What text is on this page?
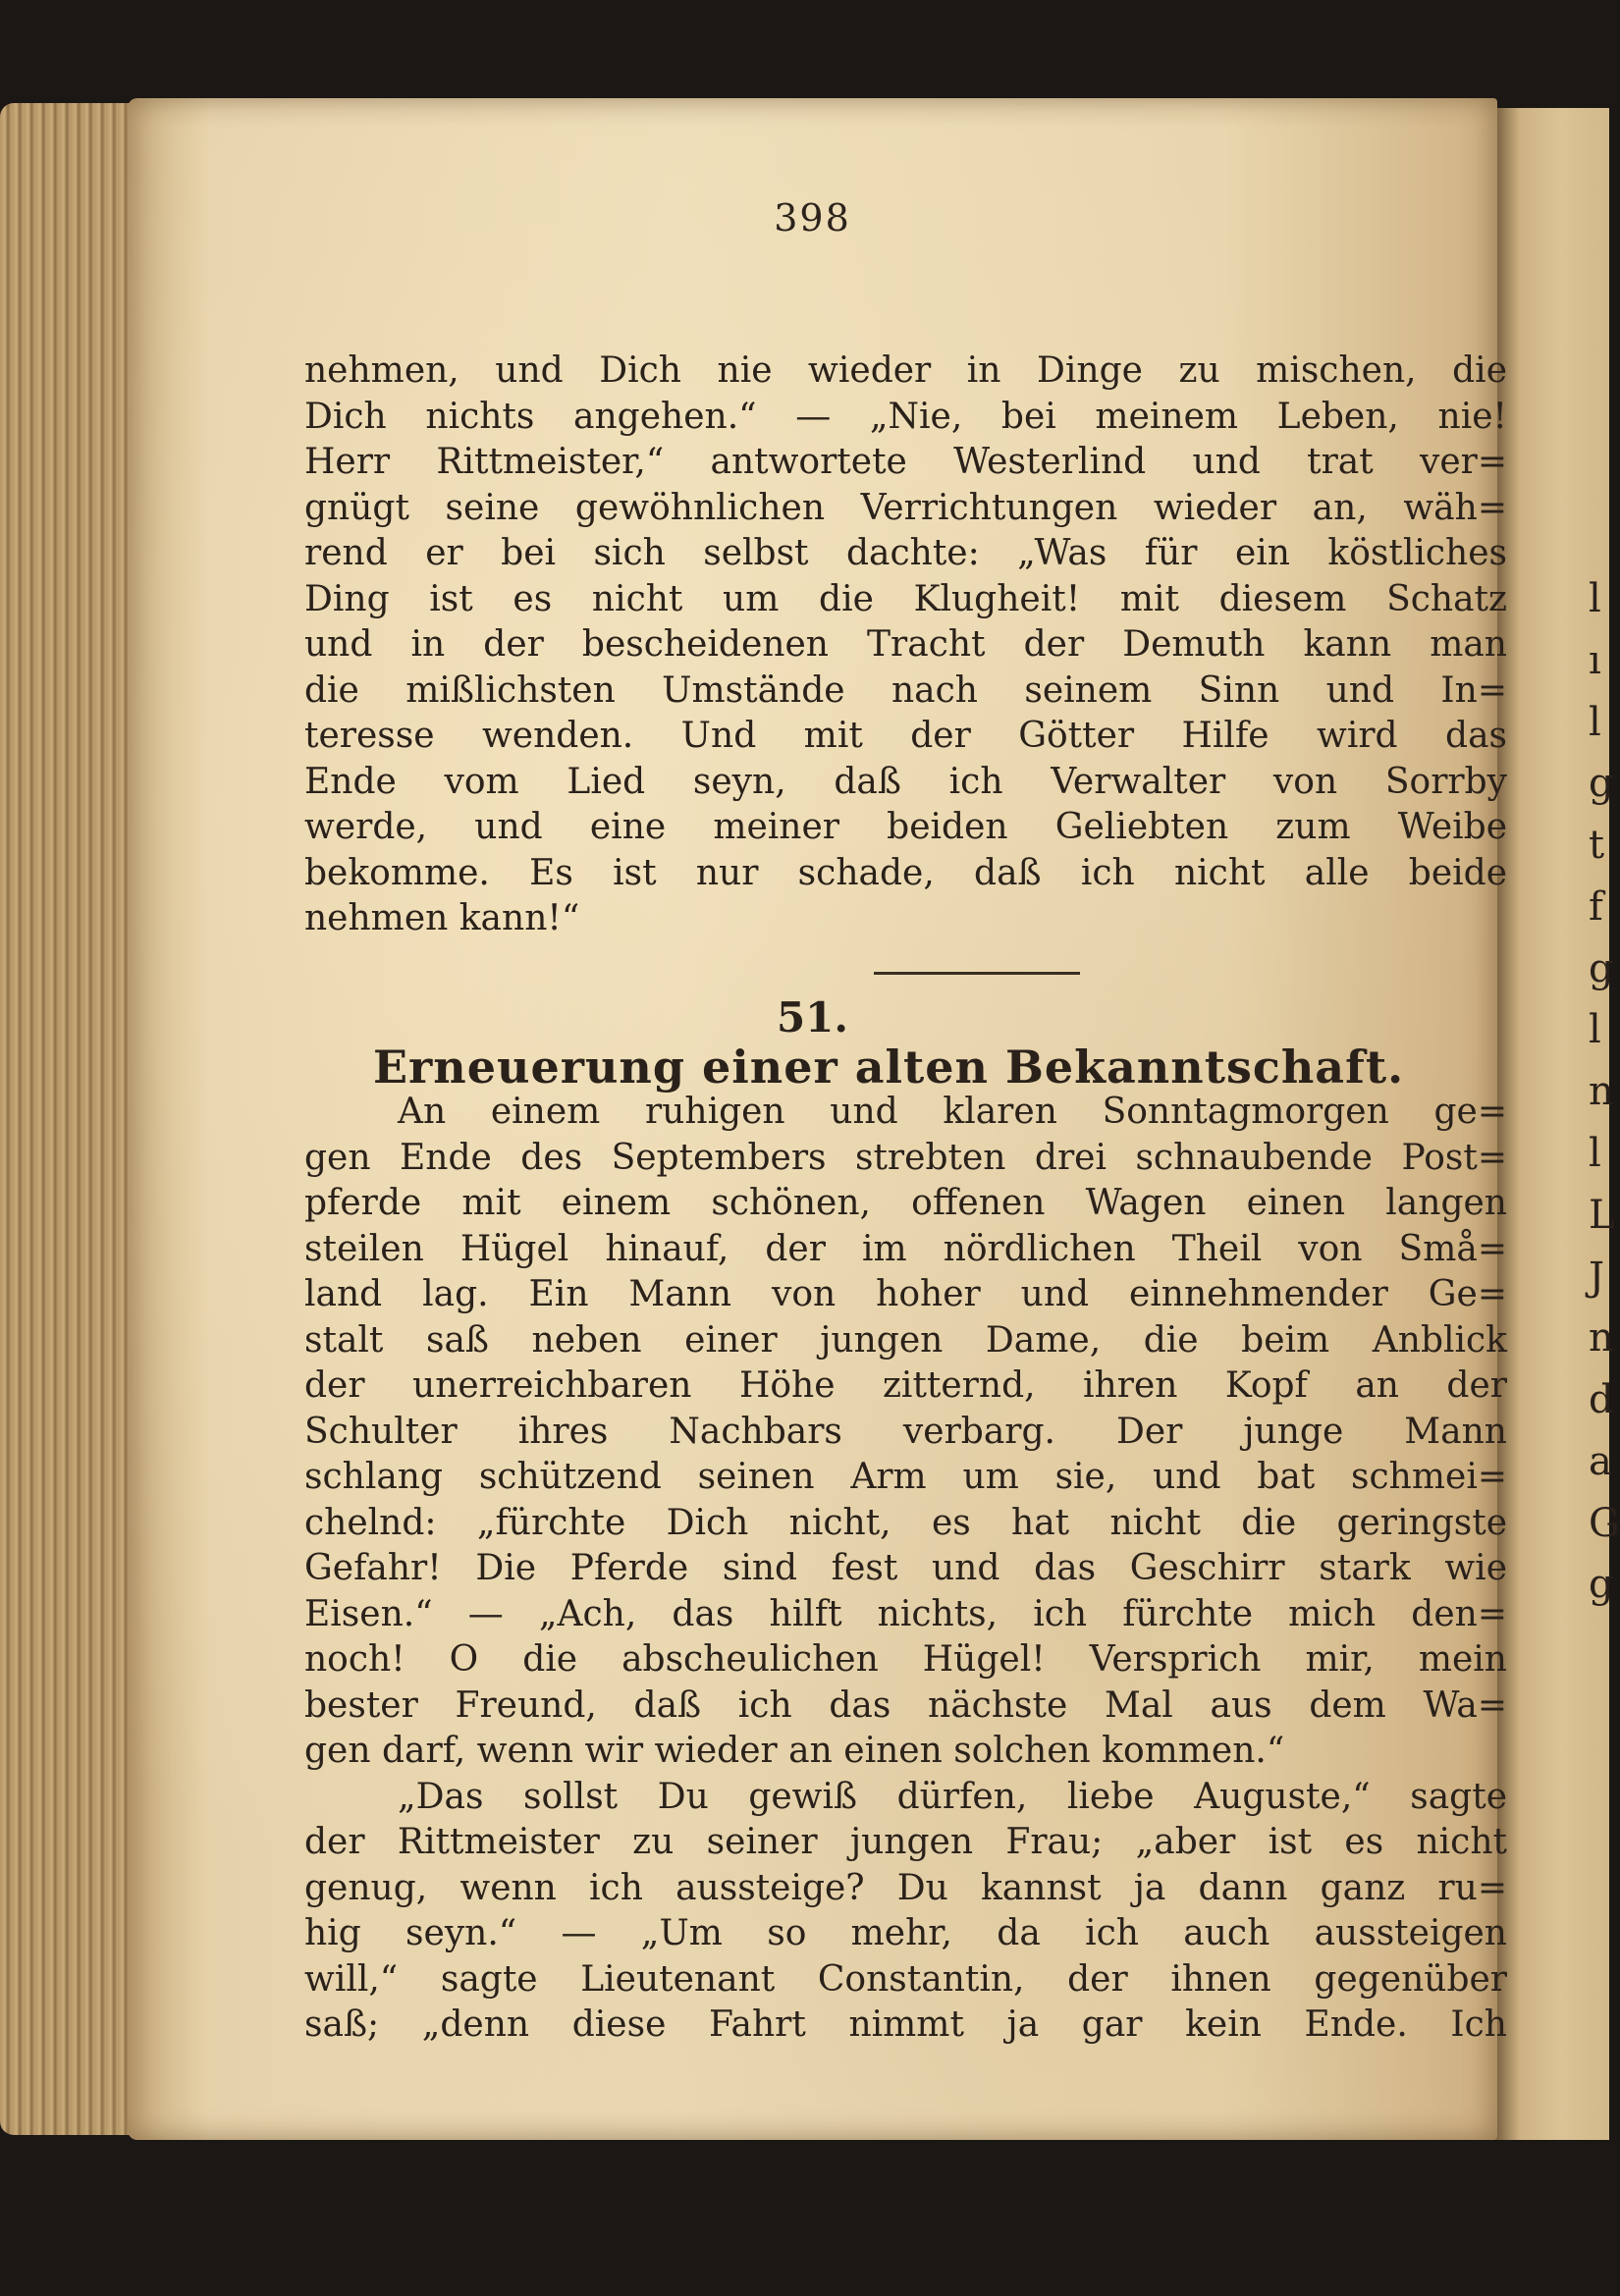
l
ı
l
g
t
f
g
l
n
l
L
J
n
d
a
G
g
398
nehmen, und Dich nie wieder in Dinge zu mischen, die
Dich nichts angehen.“ — „Nie, bei meinem Leben, nie!
Herr Rittmeister,“ antwortete Westerlind und trat ver=
gnügt seine gewöhnlichen Verrichtungen wieder an, wäh=
rend er bei sich selbst dachte: „Was für ein köstliches
Ding ist es nicht um die Klugheit! mit diesem Schatz
und in der bescheidenen Tracht der Demuth kann man
die mißlichsten Umstände nach seinem Sinn und In=
teresse wenden. Und mit der Götter Hilfe wird das
Ende vom Lied seyn, daß ich Verwalter von Sorrby
werde, und eine meiner beiden Geliebten zum Weibe
bekomme. Es ist nur schade, daß ich nicht alle beide
nehmen kann!“
51.
Erneuerung einer alten Bekanntschaft.
An einem ruhigen und klaren Sonntagmorgen ge=
gen Ende des Septembers strebten drei schnaubende Post=
pferde mit einem schönen, offenen Wagen einen langen
steilen Hügel hinauf, der im nördlichen Theil von Små=
land lag. Ein Mann von hoher und einnehmender Ge=
stalt saß neben einer jungen Dame, die beim Anblick
der unerreichbaren Höhe zitternd, ihren Kopf an der
Schulter ihres Nachbars verbarg. Der junge Mann
schlang schützend seinen Arm um sie, und bat schmei=
chelnd: „fürchte Dich nicht, es hat nicht die geringste
Gefahr! Die Pferde sind fest und das Geschirr stark wie
Eisen.“ — „Ach, das hilft nichts, ich fürchte mich den=
noch! O die abscheulichen Hügel! Versprich mir, mein
bester Freund, daß ich das nächste Mal aus dem Wa=
gen darf, wenn wir wieder an einen solchen kommen.“
„Das sollst Du gewiß dürfen, liebe Auguste,“ sagte
der Rittmeister zu seiner jungen Frau; „aber ist es nicht
genug, wenn ich aussteige? Du kannst ja dann ganz ru=
hig seyn.“ — „Um so mehr, da ich auch aussteigen
will,“ sagte Lieutenant Constantin, der ihnen gegenüber
saß; „denn diese Fahrt nimmt ja gar kein Ende. Ich
